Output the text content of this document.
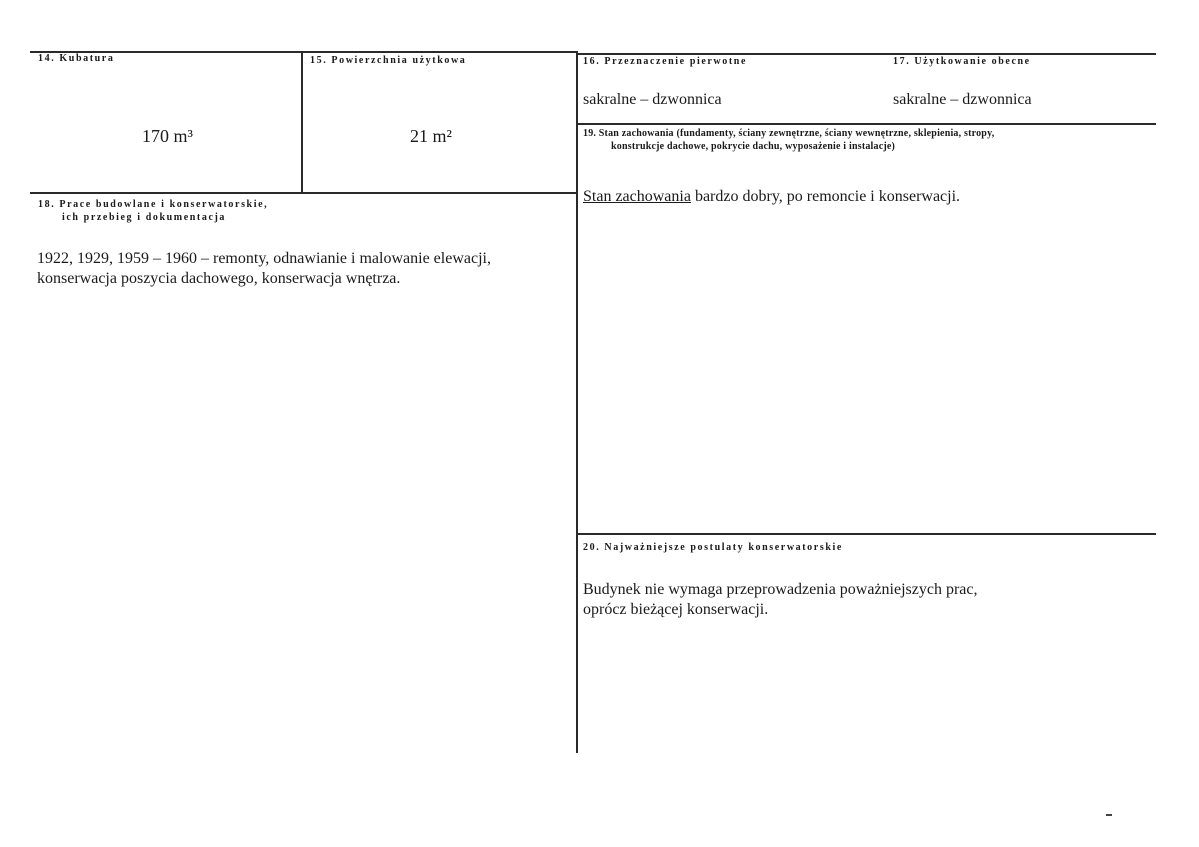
14. Kubatura
170 m³
15. Powierzchnia użytkowa
21 m²
16. Przeznaczenie pierwotne
sakralne – dzwonnica
17. Użytkowanie obecne
sakralne – dzwonnica
19. Stan zachowania (fundamenty, ściany zewnętrzne, ściany wewnętrzne, sklepienia, stropy,
konstrukcje dachowe, pokrycie dachu, wyposażenie i instalacje)
Stan zachowania bardzo dobry, po remoncie i konserwacji.
18. Prace budowlane i konserwatorskie,
ich przebieg i dokumentacja
1922, 1929, 1959 – 1960 – remonty, odnawianie i malowanie elewacji,
konserwacja poszycia dachowego, konserwacja wnętrza.
20. Najważniejsze postulaty konserwatorskie
Budynek nie wymaga przeprowadzenia poważniejszych prac,
oprócz bieżącej konserwacji.
